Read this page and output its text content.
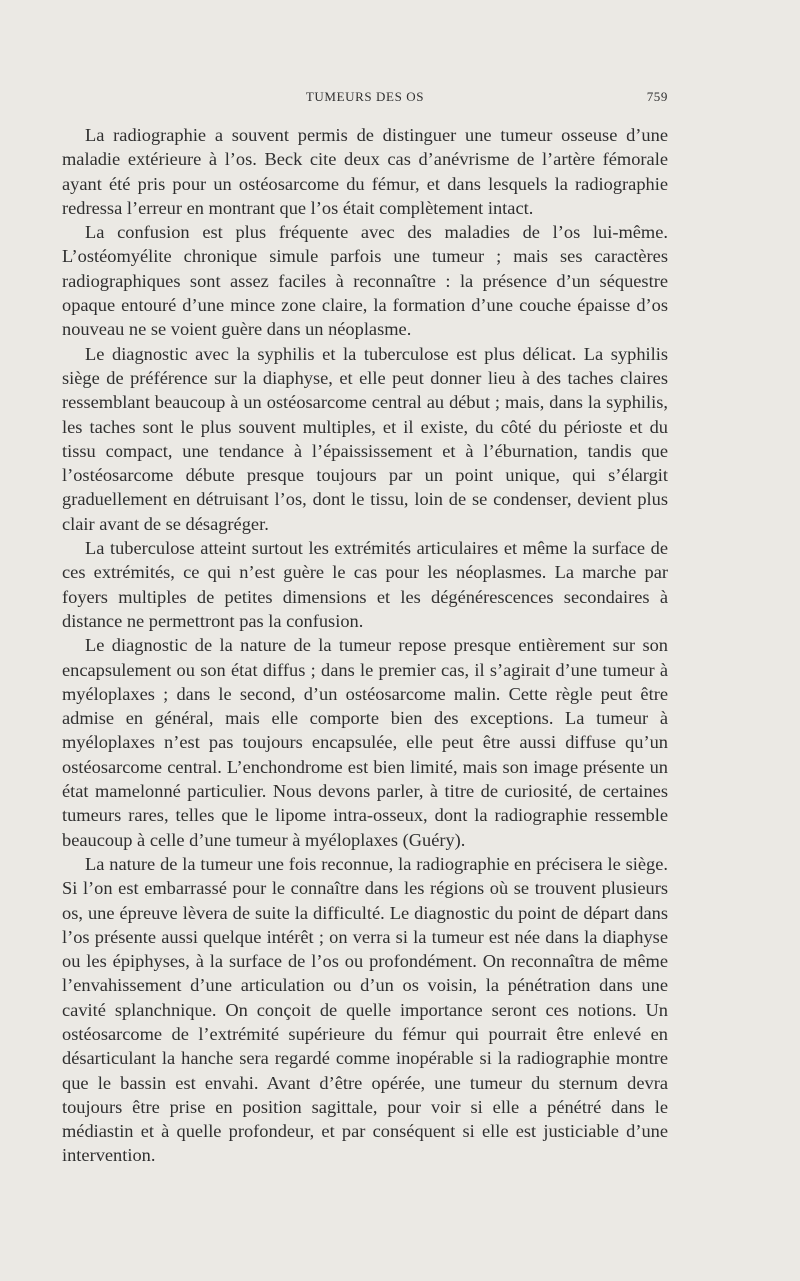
TUMEURS DES OS	759

La radiographie a souvent permis de distinguer une tumeur osseuse d’une maladie extérieure à l’os. Beck cite deux cas d’anévrisme de l’artère fémorale ayant été pris pour un ostéosarcome du fémur, et dans lesquels la radiographie redressa l’erreur en montrant que l’os était complètement intact.

La confusion est plus fréquente avec des maladies de l’os lui-même. L’ostéomyélite chronique simule parfois une tumeur ; mais ses caractères radiographiques sont assez faciles à reconnaître : la présence d’un séquestre opaque entouré d’une mince zone claire, la formation d’une couche épaisse d’os nouveau ne se voient guère dans un néoplasme.

Le diagnostic avec la syphilis et la tuberculose est plus délicat. La syphilis siège de préférence sur la diaphyse, et elle peut donner lieu à des taches claires ressemblant beaucoup à un ostéosarcome central au début ; mais, dans la syphilis, les taches sont le plus souvent multiples, et il existe, du côté du périoste et du tissu compact, une tendance à l’épaississement et à l’éburnation, tandis que l’ostéosarcome débute presque toujours par un point unique, qui s’élargit graduellement en détruisant l’os, dont le tissu, loin de se condenser, devient plus clair avant de se désagréger.

La tuberculose atteint surtout les extrémités articulaires et même la surface de ces extrémités, ce qui n’est guère le cas pour les néoplasmes. La marche par foyers multiples de petites dimensions et les dégénérescences secondaires à distance ne permettront pas la confusion.

Le diagnostic de la nature de la tumeur repose presque entièrement sur son encapsulement ou son état diffus ; dans le premier cas, il s’agirait d’une tumeur à myéloplaxes ; dans le second, d’un ostéosarcome malin. Cette règle peut être admise en général, mais elle comporte bien des exceptions. La tumeur à myéloplaxes n’est pas toujours encapsulée, elle peut être aussi diffuse qu’un ostéosarcome central. L’enchondrome est bien limité, mais son image présente un état mamelonné particulier. Nous devons parler, à titre de curiosité, de certaines tumeurs rares, telles que le lipome intra-osseux, dont la radiographie ressemble beaucoup à celle d’une tumeur à myéloplaxes (Guéry).

La nature de la tumeur une fois reconnue, la radiographie en précisera le siège. Si l’on est embarrassé pour le connaître dans les régions où se trouvent plusieurs os, une épreuve lèvera de suite la difficulté. Le diagnostic du point de départ dans l’os présente aussi quelque intérêt ; on verra si la tumeur est née dans la diaphyse ou les épiphyses, à la surface de l’os ou profondément. On reconnaîtra de même l’envahissement d’une articulation ou d’un os voisin, la pénétration dans une cavité splanchnique. On conçoit de quelle importance seront ces notions. Un ostéosarcome de l’extrémité supérieure du fémur qui pourrait être enlevé en désarticulant la hanche sera regardé comme inopérable si la radiographie montre que le bassin est envahi. Avant d’être opérée, une tumeur du sternum devra toujours être prise en position sagittale, pour voir si elle a pénétré dans le médiastin et à quelle profondeur, et par conséquent si elle est justiciable d’une intervention.
